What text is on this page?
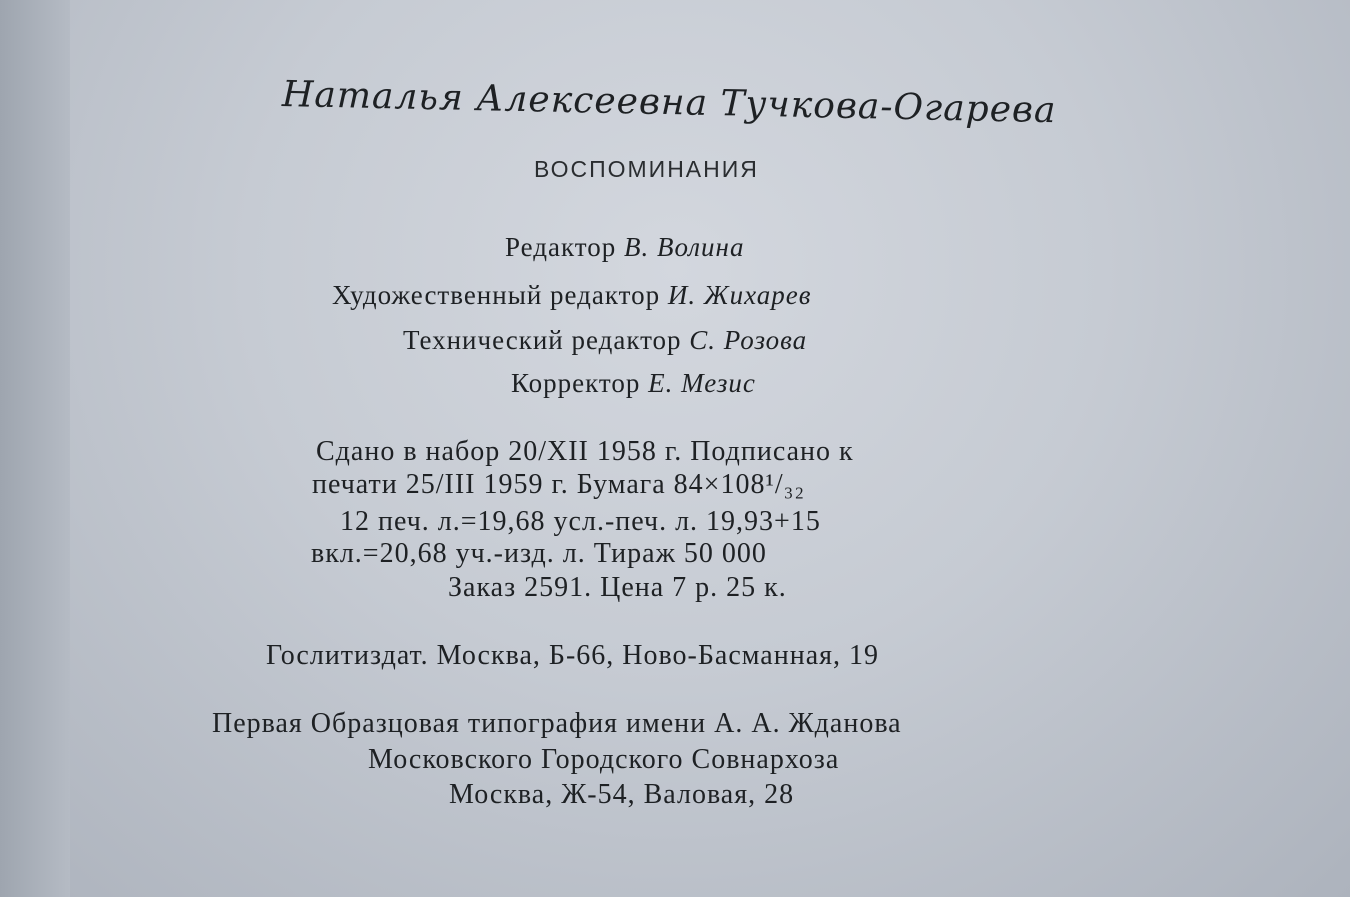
Наталья Алексеевна Тучкова-Огарева
ВОСПОМИНАНИЯ
Редактор В. Волина
Художественный редактор И. Жихарев
Технический редактор С. Розова
Корректор Е. Мезис
Сдано в набор 20/XII 1958 г. Подписано к
печати 25/III 1959 г. Бумага 84×108¹/₃₂
12 печ. л.=19,68 усл.-печ. л. 19,93+15
вкл.=20,68 уч.-изд. л. Тираж 50 000
Заказ 2591. Цена 7 р. 25 к.
Гослитиздат. Москва, Б-66, Ново-Басманная, 19
Первая Образцовая типография имени А. А. Жданова
Московского Городского Совнархоза
Москва, Ж-54, Валовая, 28
